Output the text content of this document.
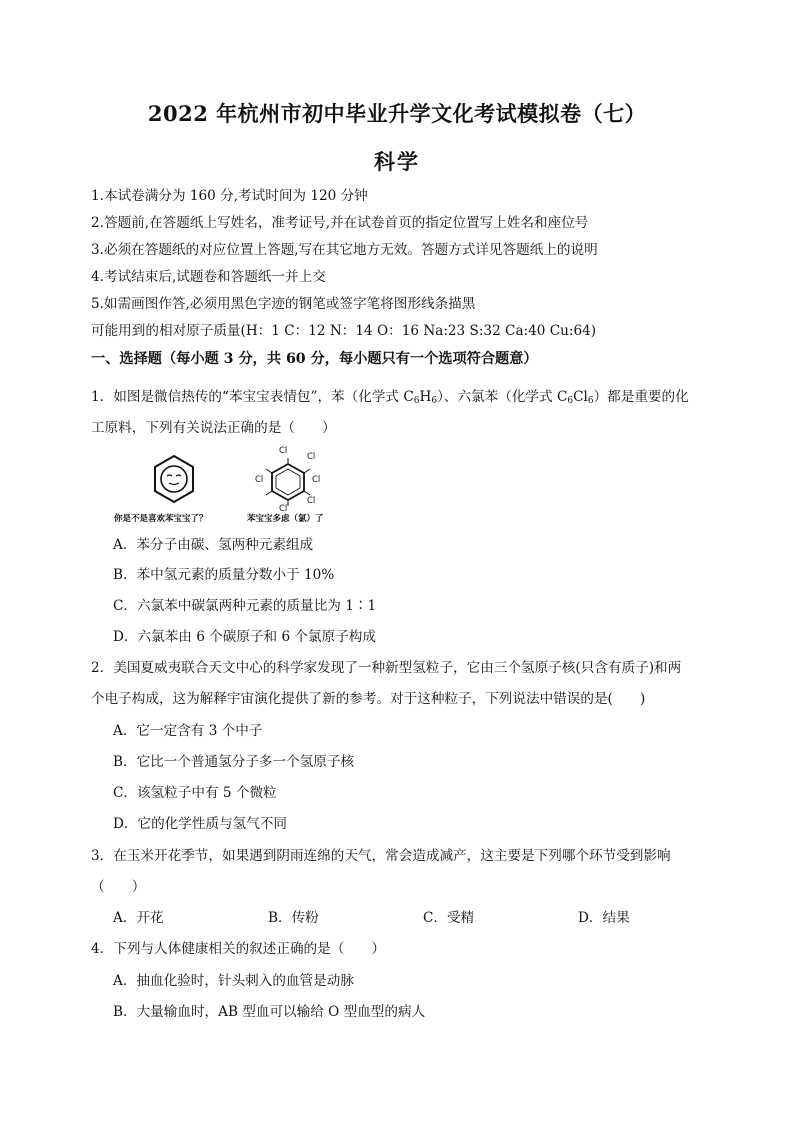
2022 年杭州市初中毕业升学文化考试模拟卷（七）
科学
1.本试卷满分为 160 分,考试时间为 120 分钟
2.答题前,在答题纸上写姓名，准考证号,并在试卷首页的指定位置写上姓名和座位号
3.必须在答题纸的对应位置上答题,写在其它地方无效。答题方式详见答题纸上的说明
4.考试结束后,试题卷和答题纸一并上交
5.如需画图作答,必须用黑色字迹的钢笔或签字笔将图形线条描黑
可能用到的相对原子质量(H：1 C：12 N：14 O：16 Na:23 S:32 Ca:40 Cu:64)
一、选择题（每小题 3 分，共 60 分，每小题只有一个选项符合题意）
1．如图是微信热传的“苯宝宝表情包”，苯（化学式 $C_6H_6$）、六氯苯（化学式 $C_6Cl_6$）都是重要的化
工原料，下列有关说法正确的是（　　）
Cl
Cl
Cl
Cl
Cl
Cl
你是不是喜欢苯宝宝了？	苯宝宝多虑（氯）了
A．苯分子由碳、氢两种元素组成
B．苯中氢元素的质量分数小于 10%
C．六氯苯中碳氯两种元素的质量比为 1∶1
D．六氯苯由 6 个碳原子和 6 个氯原子构成
2．美国夏威夷联合天文中心的科学家发现了一种新型氢粒子，它由三个氢原子核(只含有质子)和两
个电子构成，这为解释宇宙演化提供了新的参考。对于这种粒子，下列说法中错误的是(　　)
A．它一定含有 3 个中子
B．它比一个普通氢分子多一个氢原子核
C．该氢粒子中有 5 个微粒
D．它的化学性质与氢气不同
3．在玉米开花季节，如果遇到阴雨连绵的天气，常会造成减产，这主要是下列哪个环节受到影响
（　　）
A．开花	B．传粉	C．受精	D．结果
4．下列与人体健康相关的叙述正确的是（　　）
A．抽血化验时，针头刺入的血管是动脉
B．大量输血时，AB 型血可以输给 O 型血型的病人
